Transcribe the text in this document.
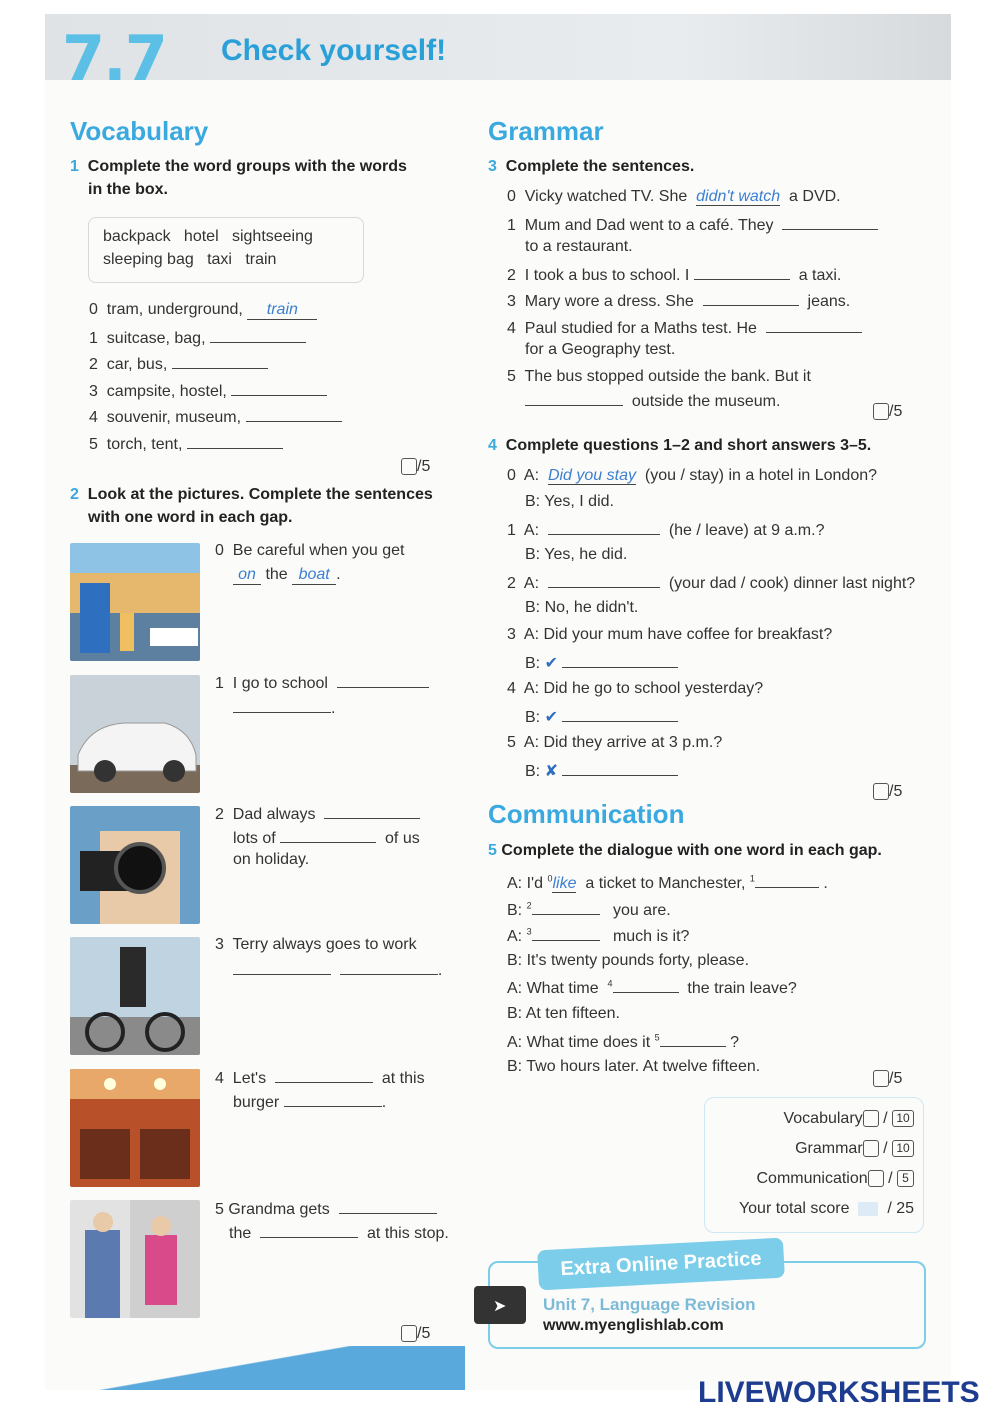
7.7 Check yourself!
Vocabulary
1 Complete the word groups with the words
in the box.
backpack   hotel   sightseeing
sleeping bag   taxi   train
0 tram, underground, train
1 suitcase, bag,
2 car, bus,
3 campsite, hostel,
4 souvenir, museum,
5 torch, tent,
/5
2 Look at the pictures. Complete the sentences
with one word in each gap.
0 Be careful when you get
on the boat .
1 I go to school
.
2 Dad always
lots of	of us
on holiday.
3 Terry always goes to work
.
4 Let's	at this
burger	.
5 Grandma gets
the	at this stop.
/5
Grammar
3 Complete the sentences.
0 Vicky watched TV. She didn't watch a DVD.
1 Mum and Dad went to a café. They
to a restaurant.
2 I took a bus to school. I	a taxi.
3 Mary wore a dress. She	jeans.
4 Paul studied for a Maths test. He
for a Geography test.
5 The bus stopped outside the bank. But it
outside the museum.
/5
4 Complete questions 1–2 and short answers 3–5.
0 A: Did you stay (you / stay) in a hotel in London?
B: Yes, I did.
1 A:	(he / leave) at 9 a.m.?
B: Yes, he did.
2 A:	(your dad / cook) dinner last night?
B: No, he didn't.
3 A: Did your mum have coffee for breakfast?
B: ✔
4 A: Did he go to school yesterday?
B: ✔
5 A: Did they arrive at 3 p.m.?
B: ✘
/5
Communication
5 Complete the dialogue with one word in each gap.
A: I'd $^0$like a ticket to Manchester, $^1$	.
B: $^2$	you are.
A: $^3$	much is it?
B: It's twenty pounds forty, please.
A: What time $^4$	the train leave?
B: At ten fifteen.
A: What time does it $^5$	?
B: Two hours later. At twelve fifteen.
/5
Vocabulary / 10
Grammar / 10
Communication / 5
Your total score / 25
Extra Online Practice
➤ Unit 7, Language Revision
www.myenglishlab.com
LIVEWORKSHEETS
